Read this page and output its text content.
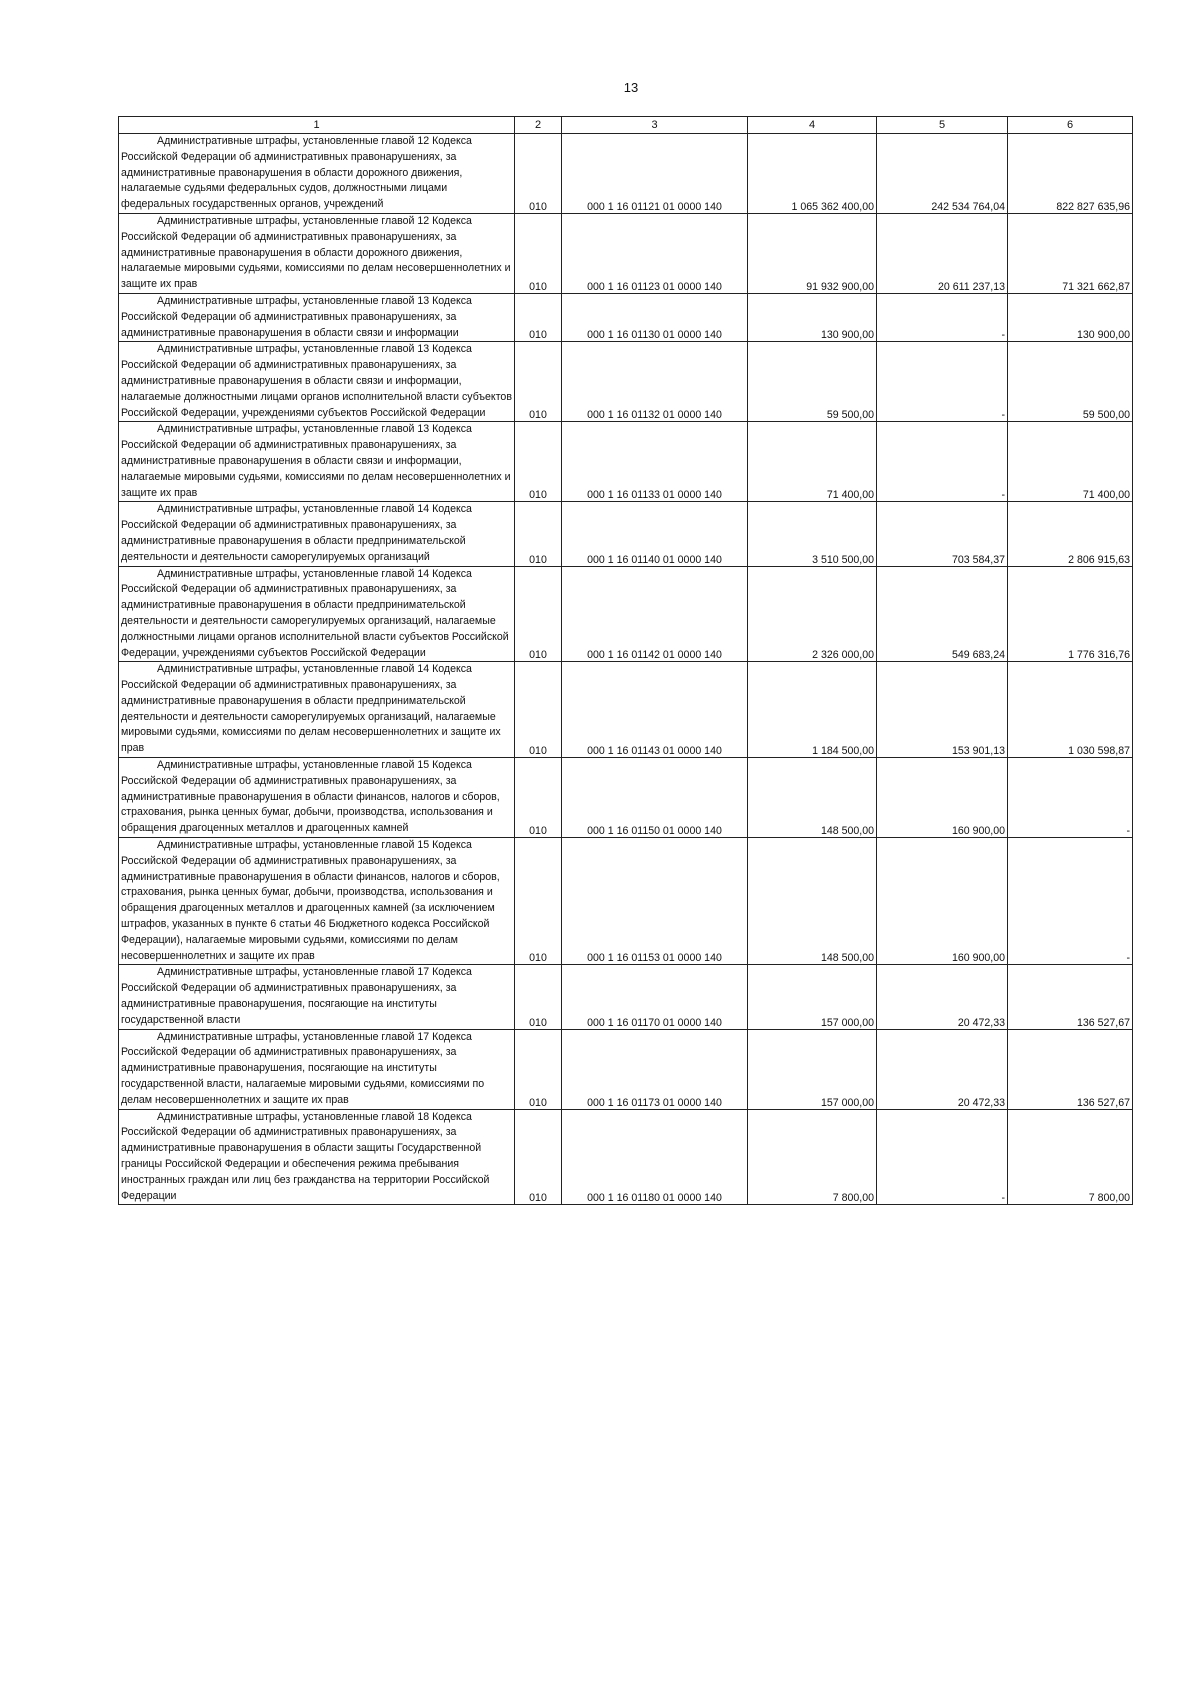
13
1	2	3	4	5	6
Административные штрафы, установленные главой 12 Кодекса Российской Федерации об административных правонарушениях, за административные правонарушения в области дорожного движения, налагаемые судьями федеральных судов, должностными лицами федеральных государственных органов, учреждений	010	000 1 16 01121 01 0000 140	1 065 362 400,00	242 534 764,04	822 827 635,96
Административные штрафы, установленные главой 12 Кодекса Российской Федерации об административных правонарушениях, за административные правонарушения в области дорожного движения, налагаемые мировыми судьями, комиссиями по делам несовершеннолетних и защите их прав	010	000 1 16 01123 01 0000 140	91 932 900,00	20 611 237,13	71 321 662,87
Административные штрафы, установленные главой 13 Кодекса Российской Федерации об административных правонарушениях, за административные правонарушения в области связи и информации	010	000 1 16 01130 01 0000 140	130 900,00	-	130 900,00
Административные штрафы, установленные главой 13 Кодекса Российской Федерации об административных правонарушениях, за административные правонарушения в области связи и информации, налагаемые должностными лицами органов исполнительной власти субъектов Российской Федерации, учреждениями субъектов Российской Федерации	010	000 1 16 01132 01 0000 140	59 500,00	-	59 500,00
Административные штрафы, установленные главой 13 Кодекса Российской Федерации об административных правонарушениях, за административные правонарушения в области связи и информации, налагаемые мировыми судьями, комиссиями по делам несовершеннолетних и защите их прав	010	000 1 16 01133 01 0000 140	71 400,00	-	71 400,00
Административные штрафы, установленные главой 14 Кодекса Российской Федерации об административных правонарушениях, за административные правонарушения в области предпринимательской деятельности и деятельности саморегулируемых организаций	010	000 1 16 01140 01 0000 140	3 510 500,00	703 584,37	2 806 915,63
Административные штрафы, установленные главой 14 Кодекса Российской Федерации об административных правонарушениях, за административные правонарушения в области предпринимательской деятельности и деятельности саморегулируемых организаций, налагаемые должностными лицами органов исполнительной власти субъектов Российской Федерации, учреждениями субъектов Российской Федерации	010	000 1 16 01142 01 0000 140	2 326 000,00	549 683,24	1 776 316,76
Административные штрафы, установленные главой 14 Кодекса Российской Федерации об административных правонарушениях, за административные правонарушения в области предпринимательской деятельности и деятельности саморегулируемых организаций, налагаемые мировыми судьями, комиссиями по делам несовершеннолетних и защите их прав	010	000 1 16 01143 01 0000 140	1 184 500,00	153 901,13	1 030 598,87
Административные штрафы, установленные главой 15 Кодекса Российской Федерации об административных правонарушениях, за административные правонарушения в области финансов, налогов и сборов, страхования, рынка ценных бумаг, добычи, производства, использования и обращения драгоценных металлов и драгоценных камней	010	000 1 16 01150 01 0000 140	148 500,00	160 900,00	-
Административные штрафы, установленные главой 15 Кодекса Российской Федерации об административных правонарушениях, за административные правонарушения в области финансов, налогов и сборов, страхования, рынка ценных бумаг, добычи, производства, использования и обращения драгоценных металлов и драгоценных камней (за исключением штрафов, указанных в пункте 6 статьи 46 Бюджетного кодекса Российской Федерации), налагаемые мировыми судьями, комиссиями по делам несовершеннолетних и защите их прав	010	000 1 16 01153 01 0000 140	148 500,00	160 900,00	-
Административные штрафы, установленные главой 17 Кодекса Российской Федерации об административных правонарушениях, за административные правонарушения, посягающие на институты государственной власти	010	000 1 16 01170 01 0000 140	157 000,00	20 472,33	136 527,67
Административные штрафы, установленные главой 17 Кодекса Российской Федерации об административных правонарушениях, за административные правонарушения, посягающие на институты государственной власти, налагаемые мировыми судьями, комиссиями по делам несовершеннолетних и защите их прав	010	000 1 16 01173 01 0000 140	157 000,00	20 472,33	136 527,67
Административные штрафы, установленные главой 18 Кодекса Российской Федерации об административных правонарушениях, за административные правонарушения в области защиты Государственной границы Российской Федерации и обеспечения режима пребывания иностранных граждан или лиц без гражданства на территории Российской Федерации	010	000 1 16 01180 01 0000 140	7 800,00	-	7 800,00
